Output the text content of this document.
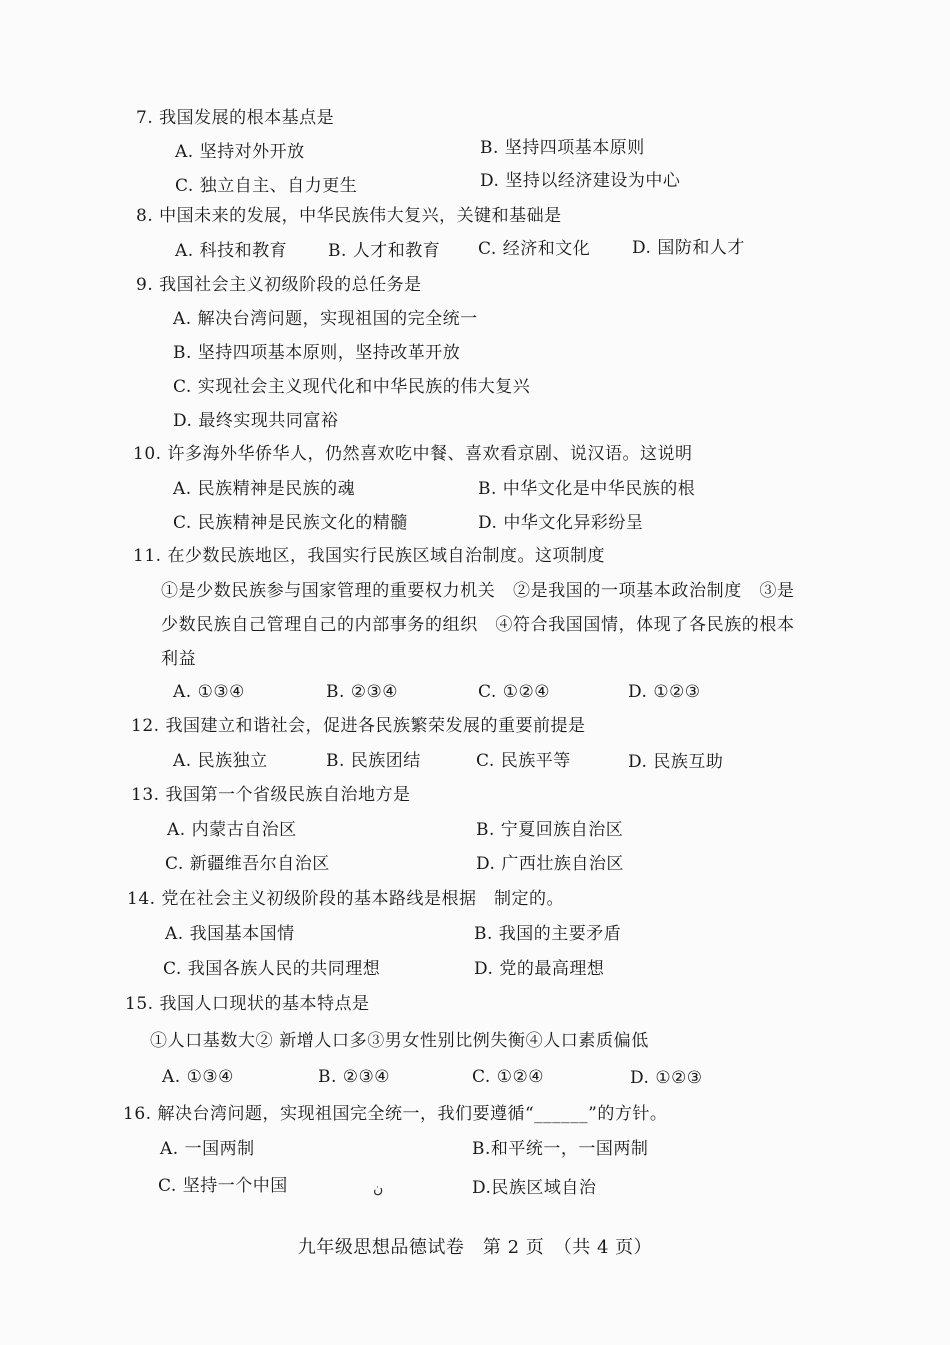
7. 我国发展的根本基点是
A. 坚持对外开放	B. 坚持四项基本原则
C. 独立自主、自力更生	D. 坚持以经济建设为中心
8. 中国未来的发展，中华民族伟大复兴，关键和基础是
A. 科技和教育 B. 人才和教育 C. 经济和文化 D. 国防和人才
9. 我国社会主义初级阶段的总任务是
A. 解决台湾问题，实现祖国的完全统一
B. 坚持四项基本原则，坚持改革开放
C. 实现社会主义现代化和中华民族的伟大复兴
D. 最终实现共同富裕
10. 许多海外华侨华人，仍然喜欢吃中餐、喜欢看京剧、说汉语。这说明
A. 民族精神是民族的魂	B. 中华文化是中华民族的根
C. 民族精神是民族文化的精髓	D. 中华文化异彩纷呈
11. 在少数民族地区，我国实行民族区域自治制度。这项制度
①是少数民族参与国家管理的重要权力机关　②是我国的一项基本政治制度　③是
少数民族自己管理自己的内部事务的组织　④符合我国国情，体现了各民族的根本
利益
A. ①③④	B. ②③④	C. ①②④	D. ①②③
12. 我国建立和谐社会，促进各民族繁荣发展的重要前提是
A. 民族独立	B. 民族团结	C. 民族平等	D. 民族互助
13. 我国第一个省级民族自治地方是
A. 内蒙古自治区	B. 宁夏回族自治区
C. 新疆维吾尔自治区	D. 广西壮族自治区
14. 党在社会主义初级阶段的基本路线是根据　制定的。
A. 我国基本国情	B. 我国的主要矛盾
C. 我国各族人民的共同理想	D. 党的最高理想
15. 我国人口现状的基本特点是
①人口基数大② 新增人口多③男女性别比例失衡④人口素质偏低
A. ①③④	B. ②③④	C. ①②④	D. ①②③
16. 解决台湾问题，实现祖国完全统一，我们要遵循“______”的方针。
A. 一国两制	B.和平统一，一国两制
C. 坚持一个中国	D.民族区域自治
ن
九年级思想品德试卷　第 2 页　（共 4 页）
